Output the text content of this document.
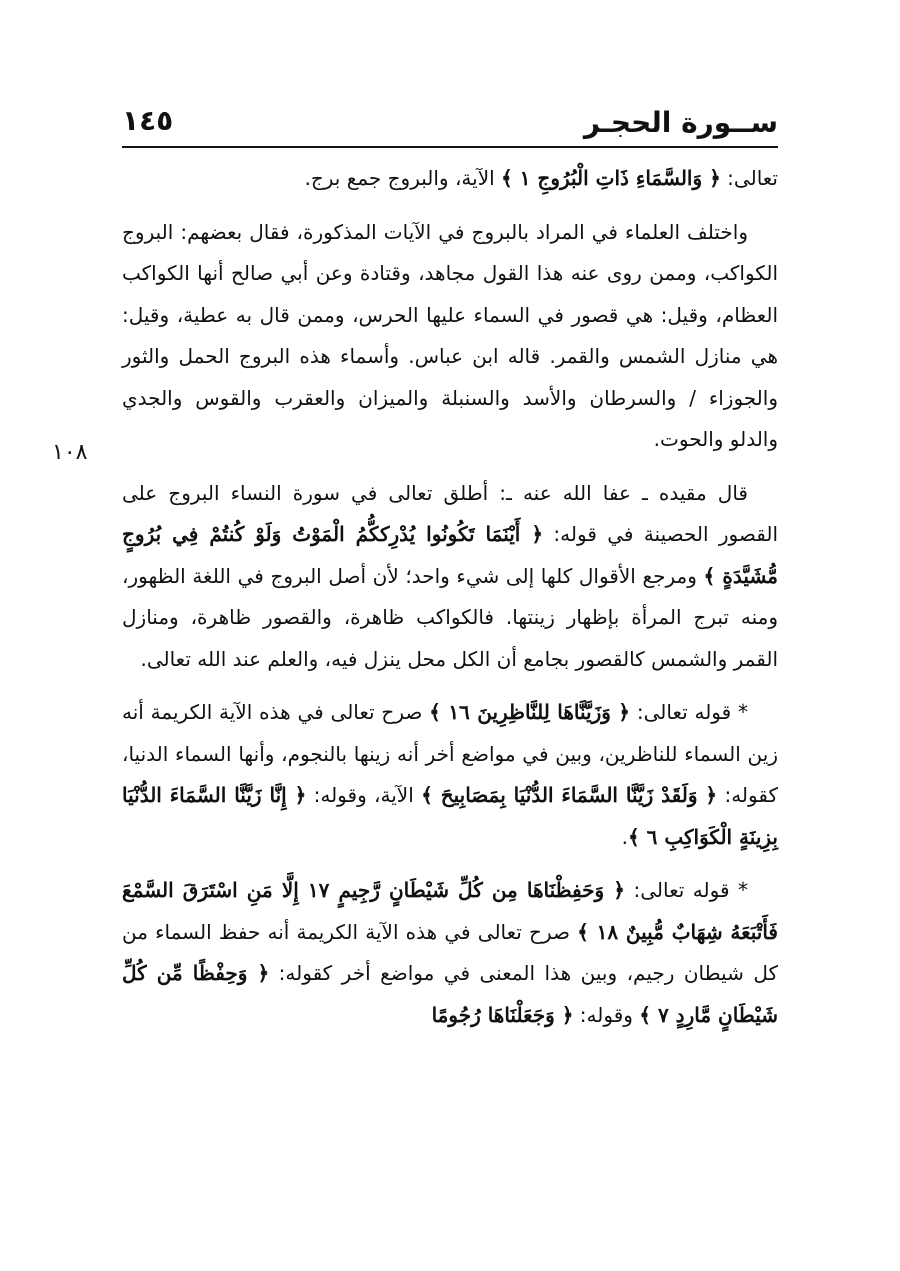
ســورة الحجـر
١٤٥
١٠٨

تعالى: ﴿ وَالسَّمَاءِ ذَاتِ الْبُرُوجِ ١ ﴾ الآية، والبروج جمع برج.

واختلف العلماء في المراد بالبروج في الآيات المذكورة، فقال بعضهم: البروج الكواكب، وممن روى عنه هذا القول مجاهد، وقتادة وعن أبي صالح أنها الكواكب العظام، وقيل: هي قصور في السماء عليها الحرس، وممن قال به عطية، وقيل: هي منازل الشمس والقمر. قاله ابن عباس. وأسماء هذه البروج الحمل والثور والجوزاء / والسرطان والأسد والسنبلة والميزان والعقرب والقوس والجدي والدلو والحوت.

قال مقيده ـ عفا الله عنه ـ: أطلق تعالى في سورة النساء البروج على القصور الحصينة في قوله: ﴿ أَيْنَمَا تَكُونُوا يُدْرِككُّمُ الْمَوْتُ وَلَوْ كُنتُمْ فِي بُرُوجٍ مُّشَيَّدَةٍ ﴾ ومرجع الأقوال كلها إلى شيء واحد؛ لأن أصل البروج في اللغة الظهور، ومنه تبرج المرأة بإظهار زينتها. فالكواكب ظاهرة، والقصور ظاهرة، ومنازل القمر والشمس كالقصور بجامع أن الكل محل ينزل فيه، والعلم عند الله تعالى.

* قوله تعالى: ﴿ وَزَيَّنَّاهَا لِلنَّاظِرِينَ ١٦ ﴾ صرح تعالى في هذه الآية الكريمة أنه زين السماء للناظرين، وبين في مواضع أخر أنه زينها بالنجوم، وأنها السماء الدنيا، كقوله: ﴿ وَلَقَدْ زَيَّنَّا السَّمَاءَ الدُّنْيَا بِمَصَابِيحَ ﴾ الآية، وقوله: ﴿ إِنَّا زَيَّنَّا السَّمَاءَ الدُّنْيَا بِزِينَةٍ الْكَوَاكِبِ ٦ ﴾.

* قوله تعالى: ﴿ وَحَفِظْنَاهَا مِن كُلِّ شَيْطَانٍ رَّجِيمٍ ١٧ إِلَّا مَنِ اسْتَرَقَ السَّمْعَ فَأَتْبَعَهُ شِهَابٌ مُّبِينٌ ١٨ ﴾ صرح تعالى في هذه الآية الكريمة أنه حفظ السماء من كل شيطان رجيم، وبين هذا المعنى في مواضع أخر كقوله: ﴿ وَحِفْظًا مِّن كُلِّ شَيْطَانٍ مَّارِدٍ ٧ ﴾ وقوله: ﴿ وَجَعَلْنَاهَا رُجُومًا
